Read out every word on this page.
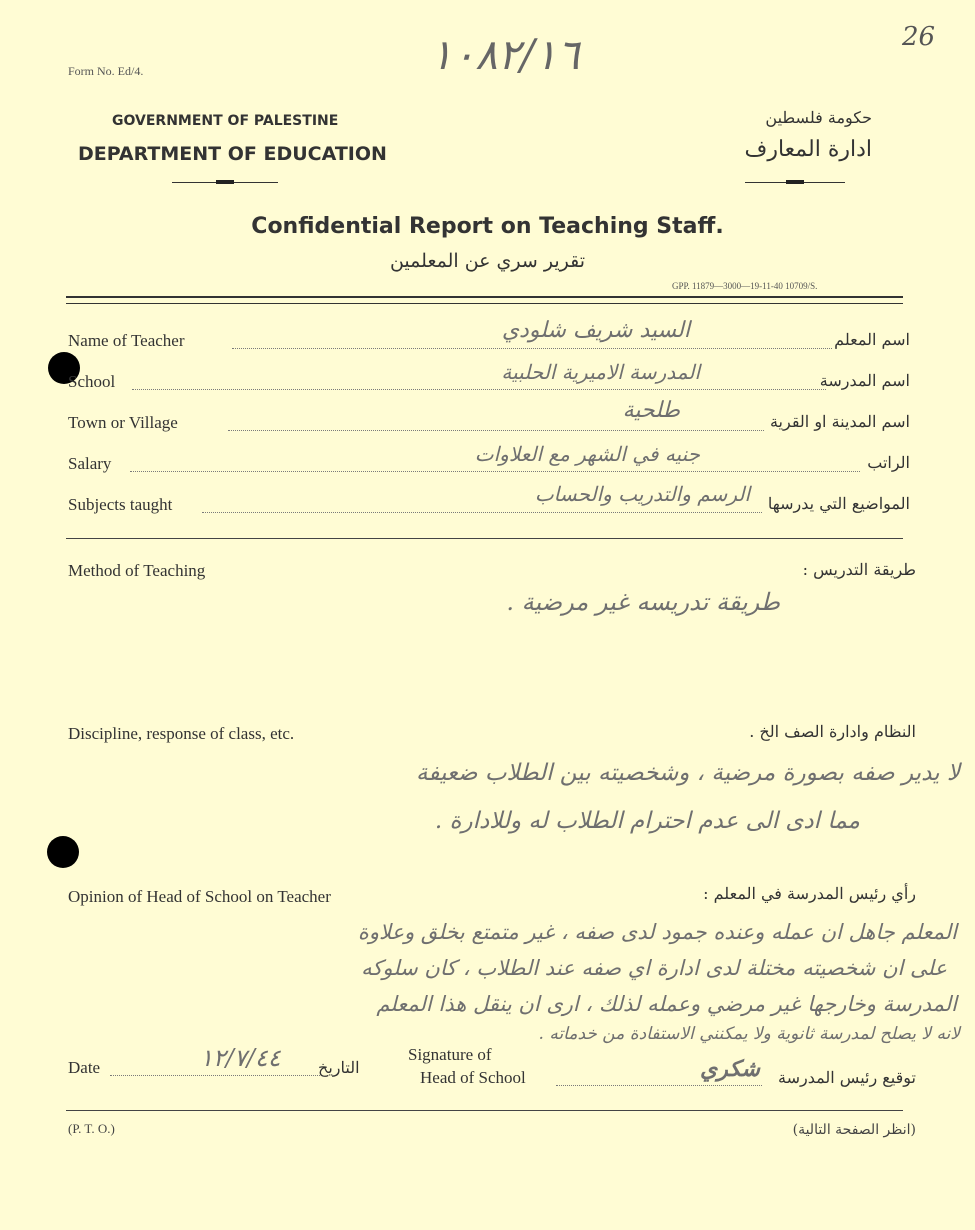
26
١٠٨٢/١٦
Form No. Ed/4.
GOVERNMENT OF PALESTINE
DEPARTMENT OF EDUCATION
حكومة فلسطين
ادارة المعارف
Confidential Report on Teaching Staff.
تقرير سري عن المعلمين
GPP. 11879—3000—19-11-40 10709/S.
Name of Teacher	السيد شريف شلودي	اسم المعلم
School	المدرسة الاميرية الحلبية	اسم المدرسة
Town or Village	طلحية	اسم المدينة او القرية
Salary	جنيه في الشهر مع العلاوات	الراتب
Subjects taught	الرسم والتدريب والحساب	المواضيع التي يدرسها
Method of Teaching	طريقة التدريس :
طريقة تدريسه غير مرضية .
Discipline, response of class, etc.	النظام وادارة الصف الخ .
لا يدير صفه بصورة مرضية ، وشخصيته بين الطلاب ضعيفة
مما ادى الى عدم احترام الطلاب له وللادارة .
Opinion of Head of School on Teacher	رأي رئيس المدرسة في المعلم :
المعلم جاهل ان عمله وعنده جمود لدى صفه ، غير متمتع بخلق وعلاوة
على ان شخصيته مختلة لدى ادارة اي صفه عند الطلاب ، كان سلوكه
المدرسة وخارجها غير مرضي وعمله لذلك ، ارى ان ينقل هذا المعلم
لانه لا يصلح لمدرسة ثانوية ولا يمكنني الاستفادة من خدماته .
Date	١٢/٧/٤٤ التاريخ
Signature of
Head of School	شكري	توقيع رئيس المدرسة
(P. T. O.)	(انظر الصفحة التالية)
